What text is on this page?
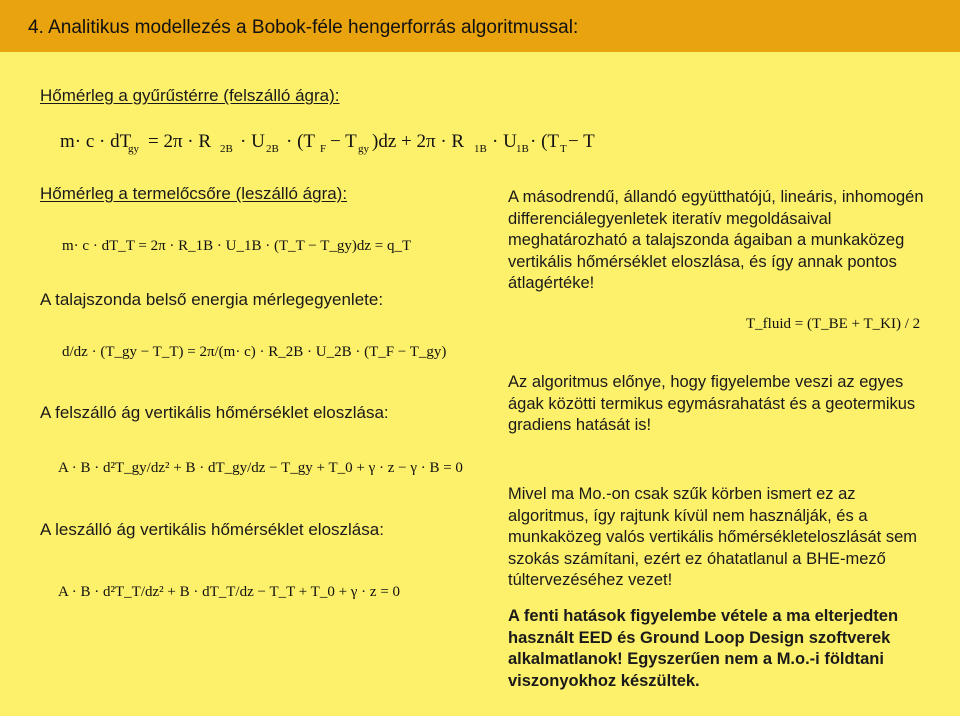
4. Analitikus modellezés a Bobok-féle hengerforrás algoritmussal:
Hőmérleg a gyűrűstérre (felszálló ágra):
m· c · dT
gy = 2π · R 2B · U 2B · (T F − T gy )dz + 2π · R 1B · U 1B · (T T − T
Hőmérleg a termelőcsőre (leszálló ágra):
m· c · dT_T = 2π · R_1B · U_1B · (T_T − T_gy)dz = q_T
A talajszonda belső energia mérlegegyenlete:
d/dz · (T_gy − T_T) = 2π/(m· c) · R_2B · U_2B · (T_F − T_gy)
A felszálló ág vertikális hőmérséklet eloszlása:
A · B · d²T_gy/dz² + B · dT_gy/dz − T_gy + T_0 + γ · z − γ · B = 0
A leszálló ág vertikális hőmérséklet eloszlása:
A · B · d²T_T/dz² + B · dT_T/dz − T_T + T_0 + γ · z = 0
A másodrendű, állandó együtthatójú, lineáris, inhomogén differenciálegyenletek iteratív megoldásaival meghatározható a talajszonda ágaiban a munkaközeg vertikális hőmérséklet eloszlása, és így annak pontos átlagértéke!
T_fluid = (T_BE + T_KI) / 2
Az algoritmus előnye, hogy figyelembe veszi az egyes ágak közötti termikus egymásrahatást és a geotermikus gradiens hatását is!
Mivel ma Mo.-on csak szűk körben ismert ez az algoritmus, így rajtunk kívül nem használják, és a munkaközeg valós vertikális hőmérsékleteloszlását sem szokás számítani, ezért ez óhatatlanul a BHE-mező túltervezéséhez vezet!
A fenti hatások figyelembe vétele a ma elterjedten használt EED és Ground Loop Design szoftverek alkalmatlanok! Egyszerűen nem a M.o.-i földtani viszonyokhoz készültek.
